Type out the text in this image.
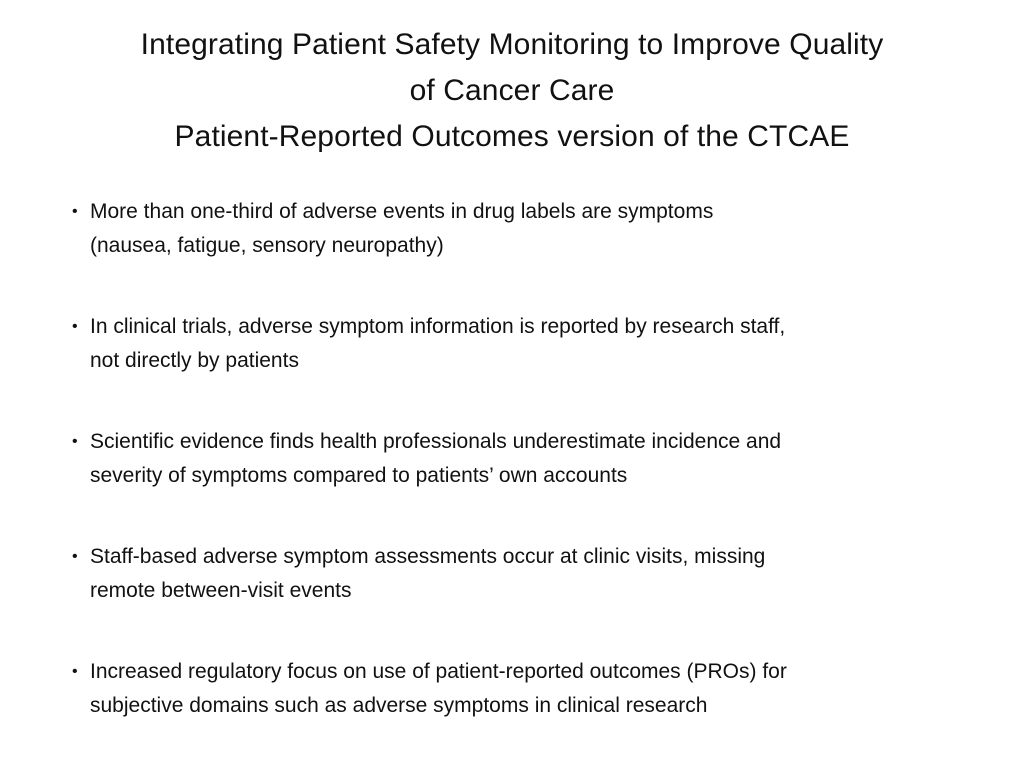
Integrating Patient Safety Monitoring to Improve Quality
of Cancer Care
Patient-Reported Outcomes version of the CTCAE
• More than one-third of adverse events in drug labels are symptoms
(nausea, fatigue, sensory neuropathy)
• In clinical trials, adverse symptom information is reported by research staff,
not directly by patients
• Scientific evidence finds health professionals underestimate incidence and
severity of symptoms compared to patients’ own accounts
• Staff-based adverse symptom assessments occur at clinic visits, missing
remote between-visit events
• Increased regulatory focus on use of patient-reported outcomes (PROs) for
subjective domains such as adverse symptoms in clinical research
